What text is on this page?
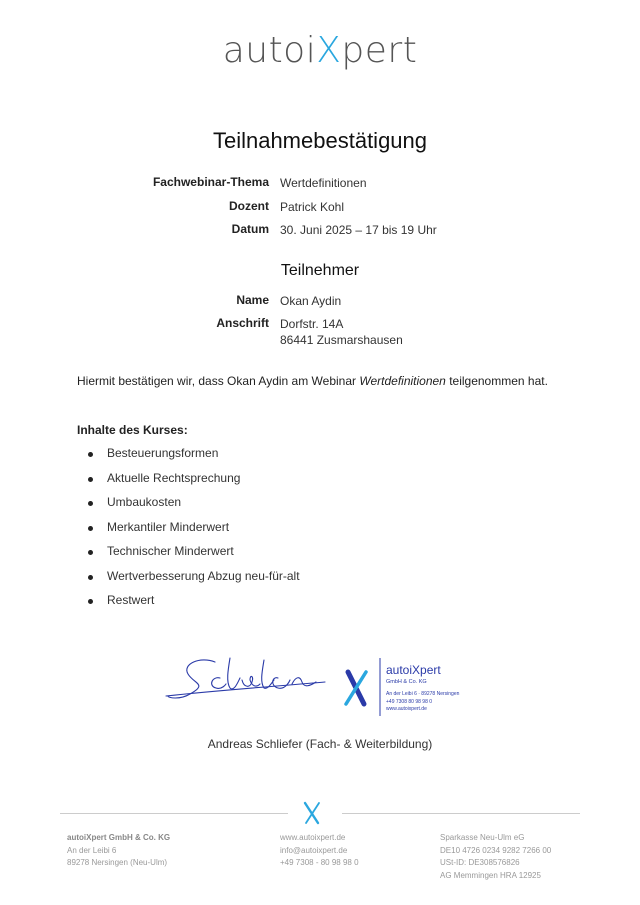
autoiXpert
Teilnahmebestätigung
Fachwebinar-Thema Wertdefinitionen
Dozent Patrick Kohl
Datum 30. Juni 2025 – 17 bis 19 Uhr
Teilnehmer
Name Okan Aydin
Anschrift Dorfstr. 14A
86441 Zusmarshausen
Hiermit bestätigen wir, dass Okan Aydin am Webinar Wertdefinitionen teilgenommen hat.
Inhalte des Kurses:
Besteuerungsformen
Aktuelle Rechtsprechung
Umbaukosten
Merkantiler Minderwert
Technischer Minderwert
Wertverbesserung Abzug neu-für-alt
Restwert
autoiXpert
GmbH & Co. KG
An der Leibi 6 · 89278 Nersingen
+49 7308 80 98 98 0
www.autoixpert.de
Andreas Schliefer (Fach- & Weiterbildung)
autoiXpert GmbH & Co. KG
An der Leibi 6
89278 Nersingen (Neu-Ulm)
www.autoixpert.de
info@autoixpert.de
+49 7308 - 80 98 98 0
Sparkasse Neu-Ulm eG
DE10 4726 0234 9282 7266 00
USt-ID: DE308576826
AG Memmingen HRA 12925
